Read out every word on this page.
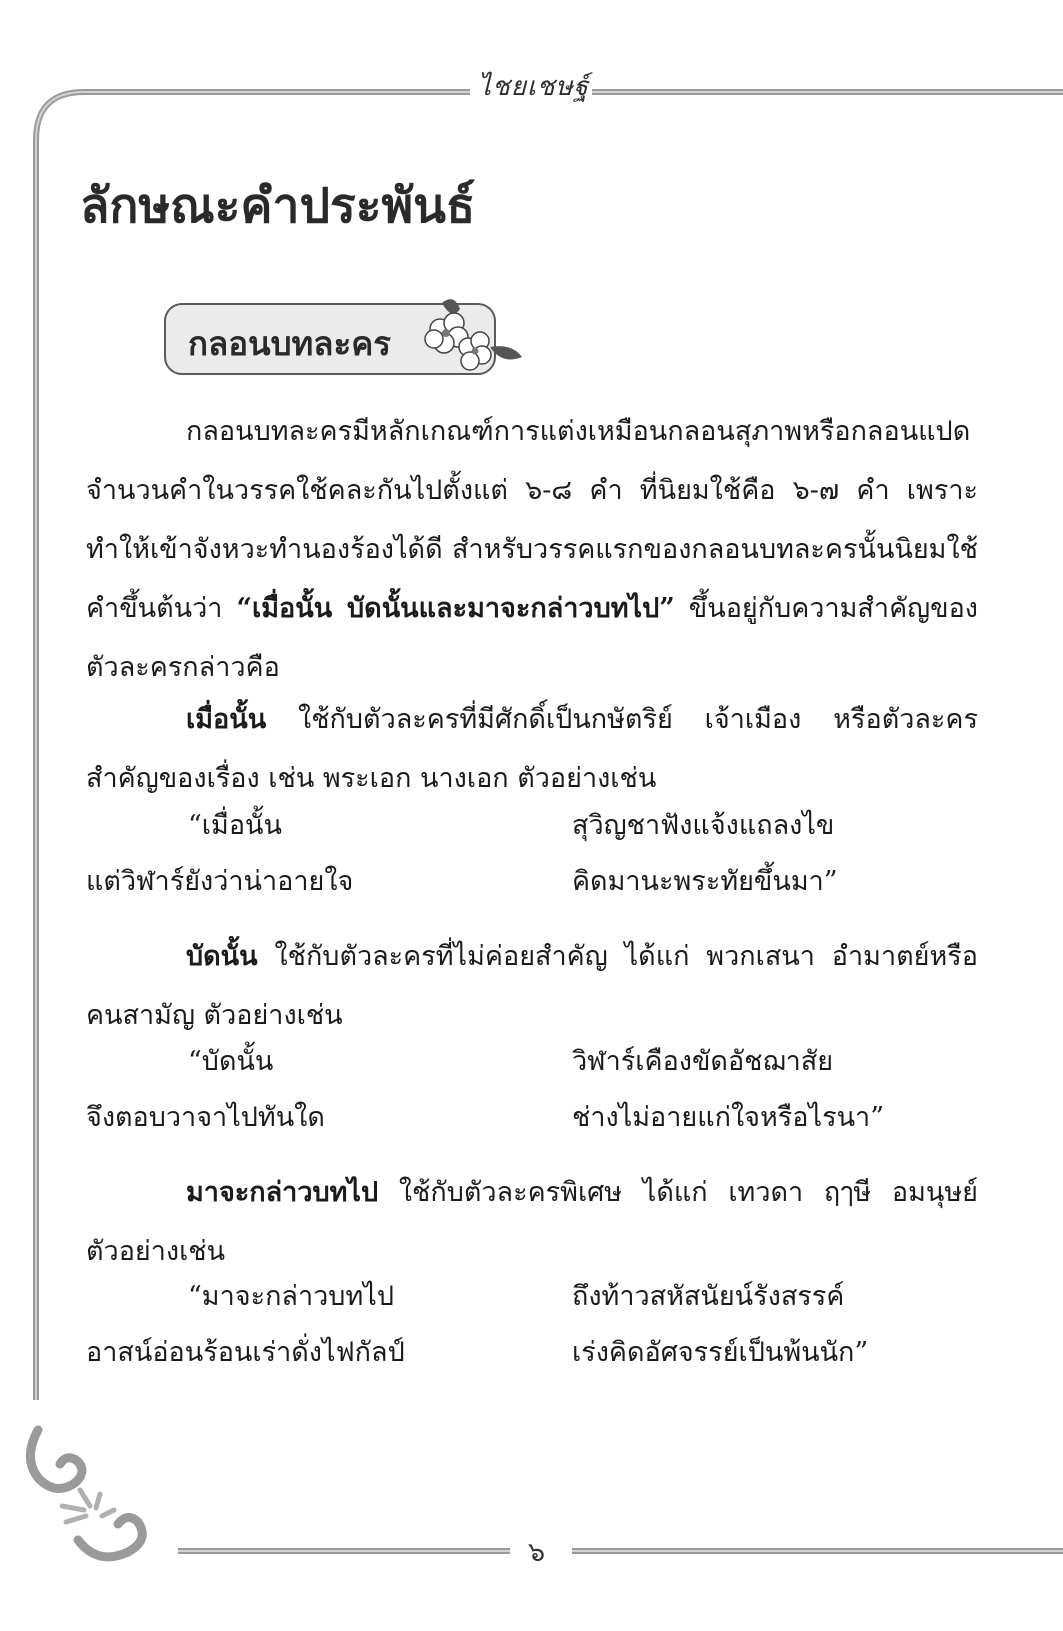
ไชยเชษฐ์
ลักษณะคำประพันธ์
กลอนบทละคร

กลอนบทละครมีหลักเกณฑ์การแต่งเหมือนกลอนสุภาพหรือกลอนแปด จำนวนคำในวรรคใช้คละกันไปตั้งแต่ ๖-๘ คำ ที่นิยมใช้คือ ๖-๗ คำ เพราะทำให้เข้าจังหวะทำนองร้องได้ดี สำหรับวรรคแรกของกลอนบทละครนั้นนิยมใช้คำขึ้นต้นว่า “เมื่อนั้น บัดนั้นและมาจะกล่าวบทไป” ขึ้นอยู่กับความสำคัญของตัวละครกล่าวคือ

เมื่อนั้น ใช้กับตัวละครที่มีศักดิ์เป็นกษัตริย์ เจ้าเมือง หรือตัวละครสำคัญของเรื่อง เช่น พระเอก นางเอก ตัวอย่างเช่น

“เมื่อนั้น	สุวิญชาฟังแจ้งแถลงไข
แต่วิฬาร์ยังว่าน่าอายใจ	คิดมานะพระทัยขึ้นมา”

บัดนั้น ใช้กับตัวละครที่ไม่ค่อยสำคัญ ได้แก่ พวกเสนา อำมาตย์หรือคนสามัญ ตัวอย่างเช่น

“บัดนั้น	วิฬาร์เคืองขัดอัชฌาสัย
จึงตอบวาจาไปทันใด	ช่างไม่อายแก่ใจหรือไรนา”

มาจะกล่าวบทไป ใช้กับตัวละครพิเศษ ได้แก่ เทวดา ฤๅษี อมนุษย์ตัวอย่างเช่น

“มาจะกล่าวบทไป	ถึงท้าวสหัสนัยน์รังสรรค์
อาสน์อ่อนร้อนเร่าดั่งไฟกัลป์	เร่งคิดอัศจรรย์เป็นพ้นนัก”
๖
